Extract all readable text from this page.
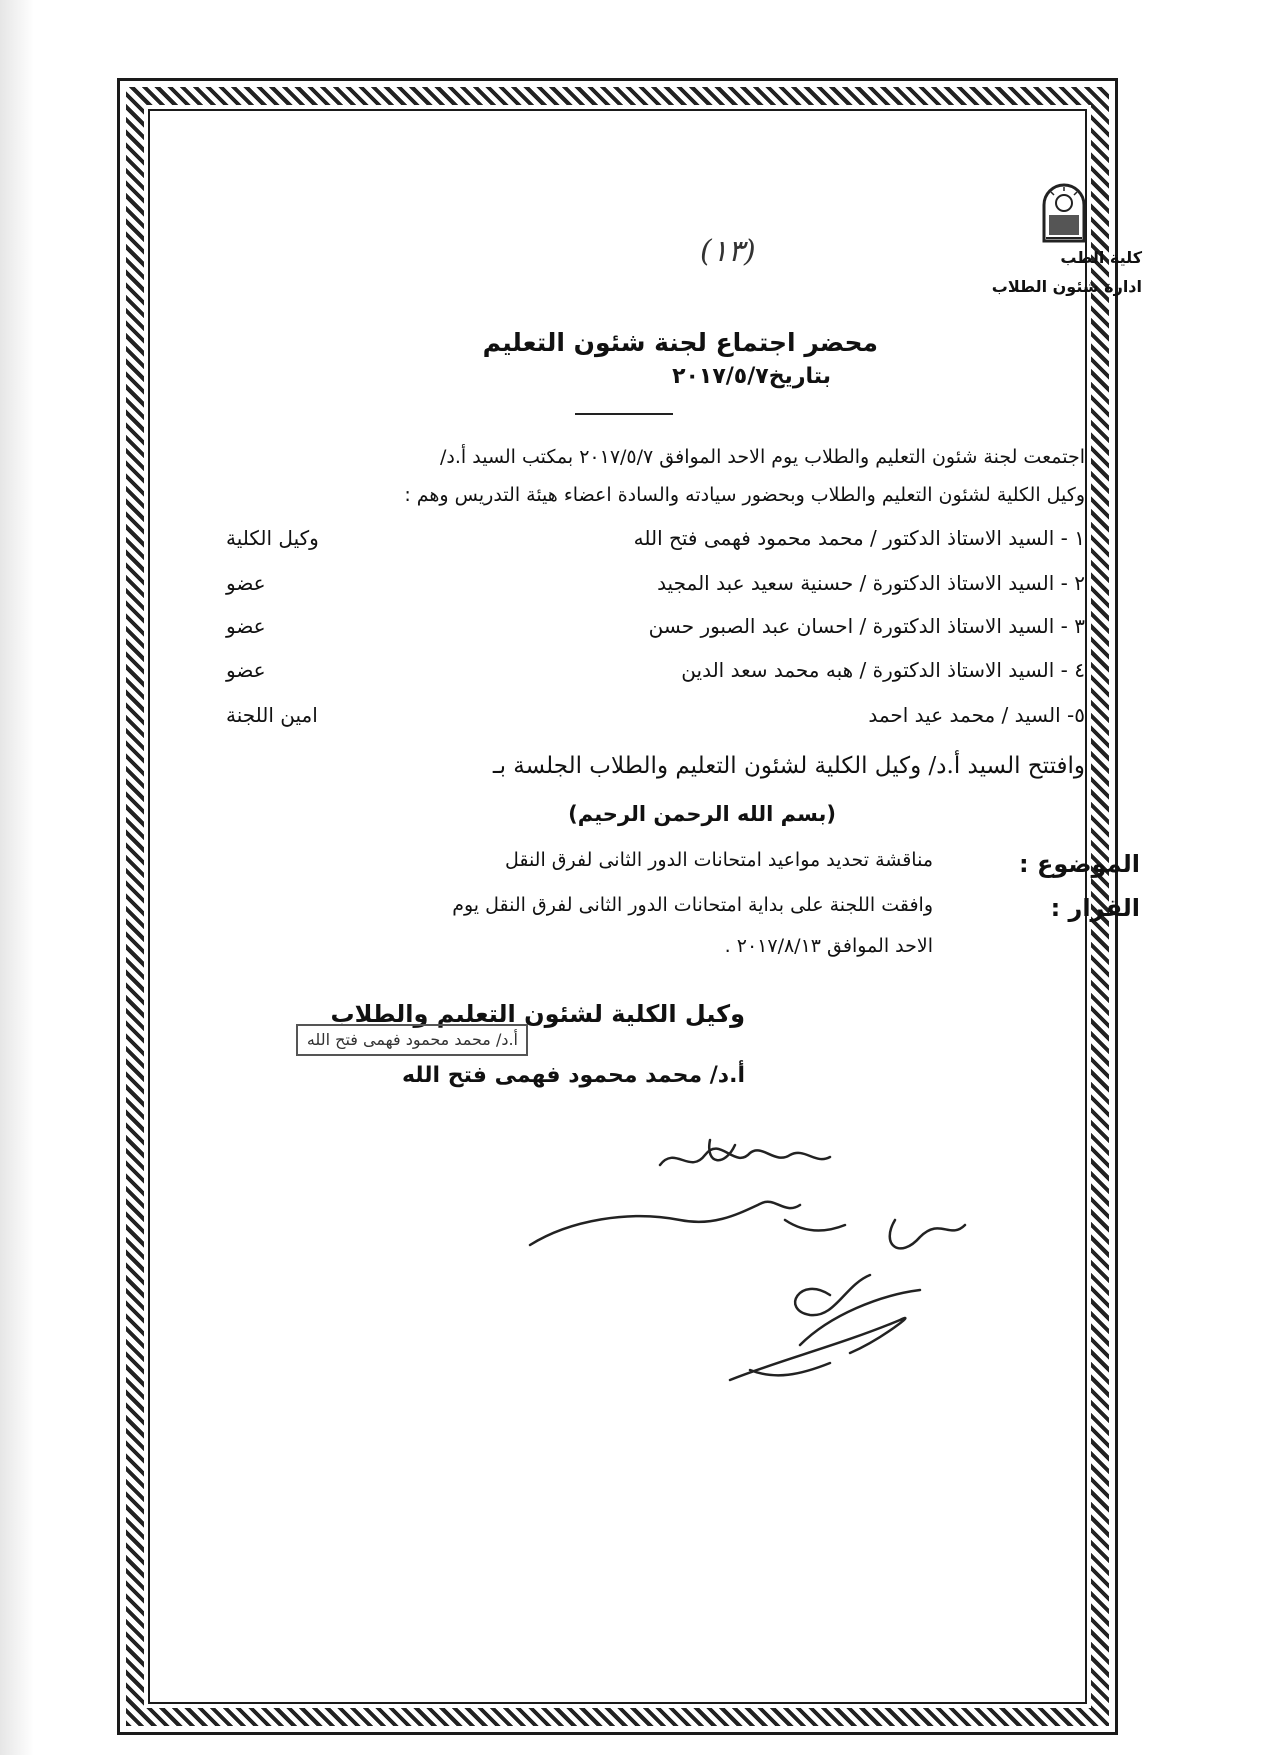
كلية الطب
ادارة شئون الطلاب
(١٣)
محضر اجتماع لجنة شئون التعليم
بتاريخ٢٠١٧/٥/٧
اجتمعت لجنة شئون التعليم والطلاب يوم الاحد الموافق ٢٠١٧/٥/٧ بمكتب السيد أ.د/
وكيل الكلية لشئون التعليم والطلاب وبحضور سيادته والسادة اعضاء هيئة التدريس وهم :
١ - السيد الاستاذ الدكتور / محمد محمود فهمى فتح الله
وكيل الكلية
٢ - السيد الاستاذ الدكتورة / حسنية سعيد عبد المجيد
عضو
٣ - السيد الاستاذ الدكتورة / احسان عبد الصبور حسن
عضو
٤ - السيد الاستاذ الدكتورة / هبه محمد سعد الدين
عضو
٥- السيد / محمد عيد احمد
امين اللجنة
وافتتح السيد أ.د/ وكيل الكلية لشئون التعليم والطلاب الجلسة بـ
(بسم الله الرحمن الرحيم)
الموضوع :
مناقشة تحديد مواعيد امتحانات الدور الثانى لفرق النقل
القرار :
وافقت اللجنة على بداية امتحانات الدور الثانى لفرق النقل يوم
الاحد الموافق ٢٠١٧/٨/١٣ .
وكيل الكلية لشئون التعليم والطلاب
أ.د/ محمد محمود فهمى فتح الله
أ.د/ محمد محمود فهمى فتح الله
